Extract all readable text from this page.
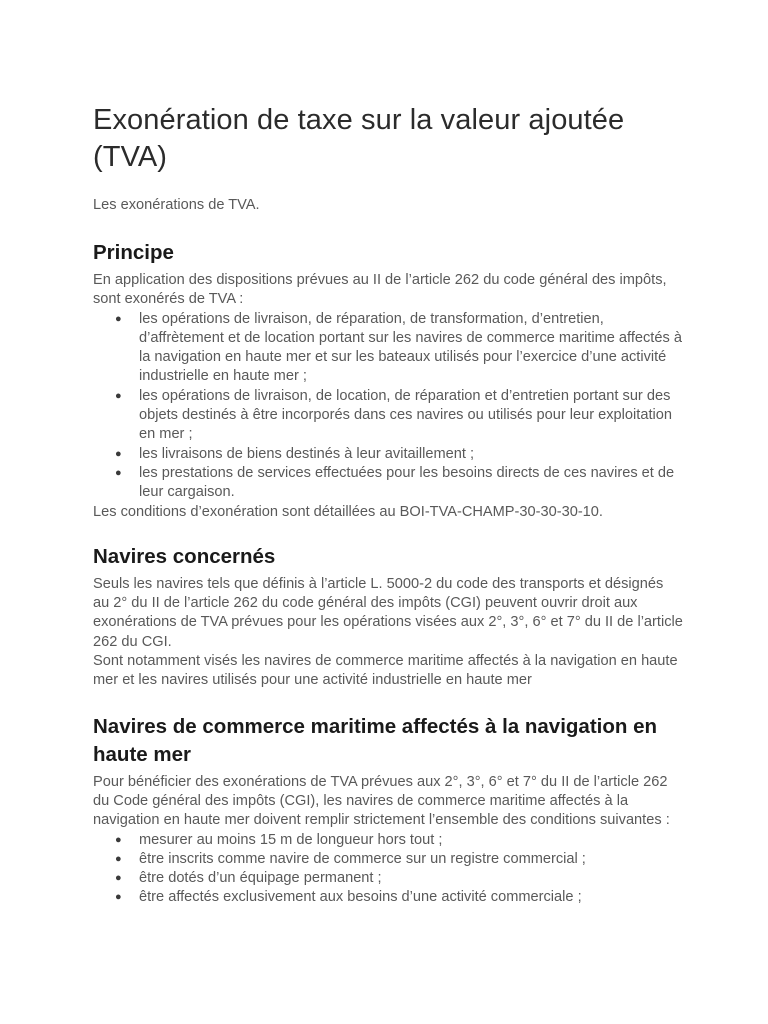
Exonération de taxe sur la valeur ajoutée (TVA)

Les exonérations de TVA.

Principe

En application des dispositions prévues au II de l’article 262 du code général des impôts, sont exonérés de TVA :

● les opérations de livraison, de réparation, de transformation, d’entretien, d’affrètement et de location portant sur les navires de commerce maritime affectés à la navigation en haute mer et sur les bateaux utilisés pour l’exercice d’une activité industrielle en haute mer ;
● les opérations de livraison, de location, de réparation et d’entretien portant sur des objets destinés à être incorporés dans ces navires ou utilisés pour leur exploitation en mer ;
● les livraisons de biens destinés à leur avitaillement ;
● les prestations de services effectuées pour les besoins directs de ces navires et de leur cargaison.

Les conditions d’exonération sont détaillées au BOI-TVA-CHAMP-30-30-30-10.

Navires concernés

Seuls les navires tels que définis à l’article L. 5000-2 du code des transports et désignés au 2° du II de l’article 262 du code général des impôts (CGI) peuvent ouvrir droit aux exonérations de TVA prévues pour les opérations visées aux 2°, 3°, 6° et 7° du II de l’article 262 du CGI.

Sont notamment visés les navires de commerce maritime affectés à la navigation en haute mer et les navires utilisés pour une activité industrielle en haute mer

Navires de commerce maritime affectés à la navigation en haute mer

Pour bénéficier des exonérations de TVA prévues aux 2°, 3°, 6° et 7° du II de l’article 262 du Code général des impôts (CGI), les navires de commerce maritime affectés à la navigation en haute mer doivent remplir strictement l’ensemble des conditions suivantes :

● mesurer au moins 15 m de longueur hors tout ;
● être inscrits comme navire de commerce sur un registre commercial ;
● être dotés d’un équipage permanent ;
● être affectés exclusivement aux besoins d’une activité commerciale ;
